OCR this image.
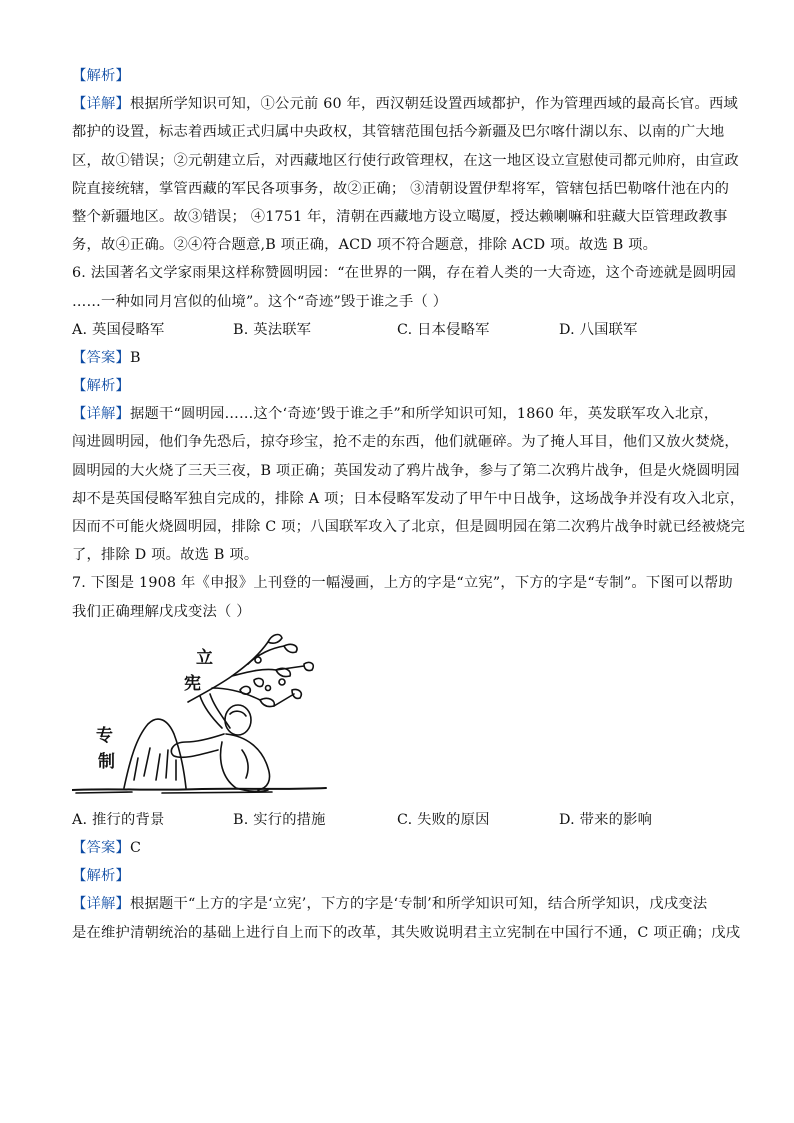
【解析】
【详解】根据所学知识可知，①公元前 60 年，西汉朝廷设置西域都护，作为管理西域的最高长官。西域
都护的设置，标志着西域正式归属中央政权，其管辖范围包括今新疆及巴尔喀什湖以东、以南的广大地
区，故①错误；②元朝建立后，对西藏地区行使行政管理权，在这一地区设立宣慰使司都元帅府，由宣政
院直接统辖，掌管西藏的军民各项事务，故②正确； ③清朝设置伊犁将军，管辖包括巴勒喀什池在内的
整个新疆地区。故③错误； ④1751 年，清朝在西藏地方设立噶厦，授达赖喇嘛和驻藏大臣管理政教事
务，故④正确。②④符合题意,B 项正确，ACD 项不符合题意，排除 ACD 项。故选 B 项。
6. 法国著名文学家雨果这样称赞圆明园：“在世界的一隅，存在着人类的一大奇迹，这个奇迹就是圆明园
……一种如同月宫似的仙境”。这个“奇迹”毁于谁之手（ ）
A. 英国侵略军	B. 英法联军	C. 日本侵略军	D. 八国联军
【答案】B
【解析】
【详解】据题干“圆明园……这个‘奇迹’毁于谁之手”和所学知识可知，1860 年，英发联军攻入北京，
闯进圆明园，他们争先恐后，掠夺珍宝，抢不走的东西，他们就砸碎。为了掩人耳目，他们又放火焚烧，
圆明园的大火烧了三天三夜，B 项正确；英国发动了鸦片战争，参与了第二次鸦片战争，但是火烧圆明园
却不是英国侵略军独自完成的，排除 A 项；日本侵略军发动了甲午中日战争，这场战争并没有攻入北京，
因而不可能火烧圆明园，排除 C 项；八国联军攻入了北京，但是圆明园在第二次鸦片战争时就已经被烧完
了，排除 D 项。故选 B 项。
7. 下图是 1908 年《申报》上刊登的一幅漫画，上方的字是“立宪”，下方的字是“专制”。下图可以帮助
我们正确理解戊戌变法（ ）
立
宪
专
制
A. 推行的背景	B. 实行的措施	C. 失败的原因	D. 带来的影响
【答案】C
【解析】
【详解】根据题干“上方的字是‘立宪’，下方的字是‘专制’和所学知识可知，结合所学知识，戊戌变法
是在维护清朝统治的基础上进行自上而下的改革，其失败说明君主立宪制在中国行不通，C 项正确；戊戌
